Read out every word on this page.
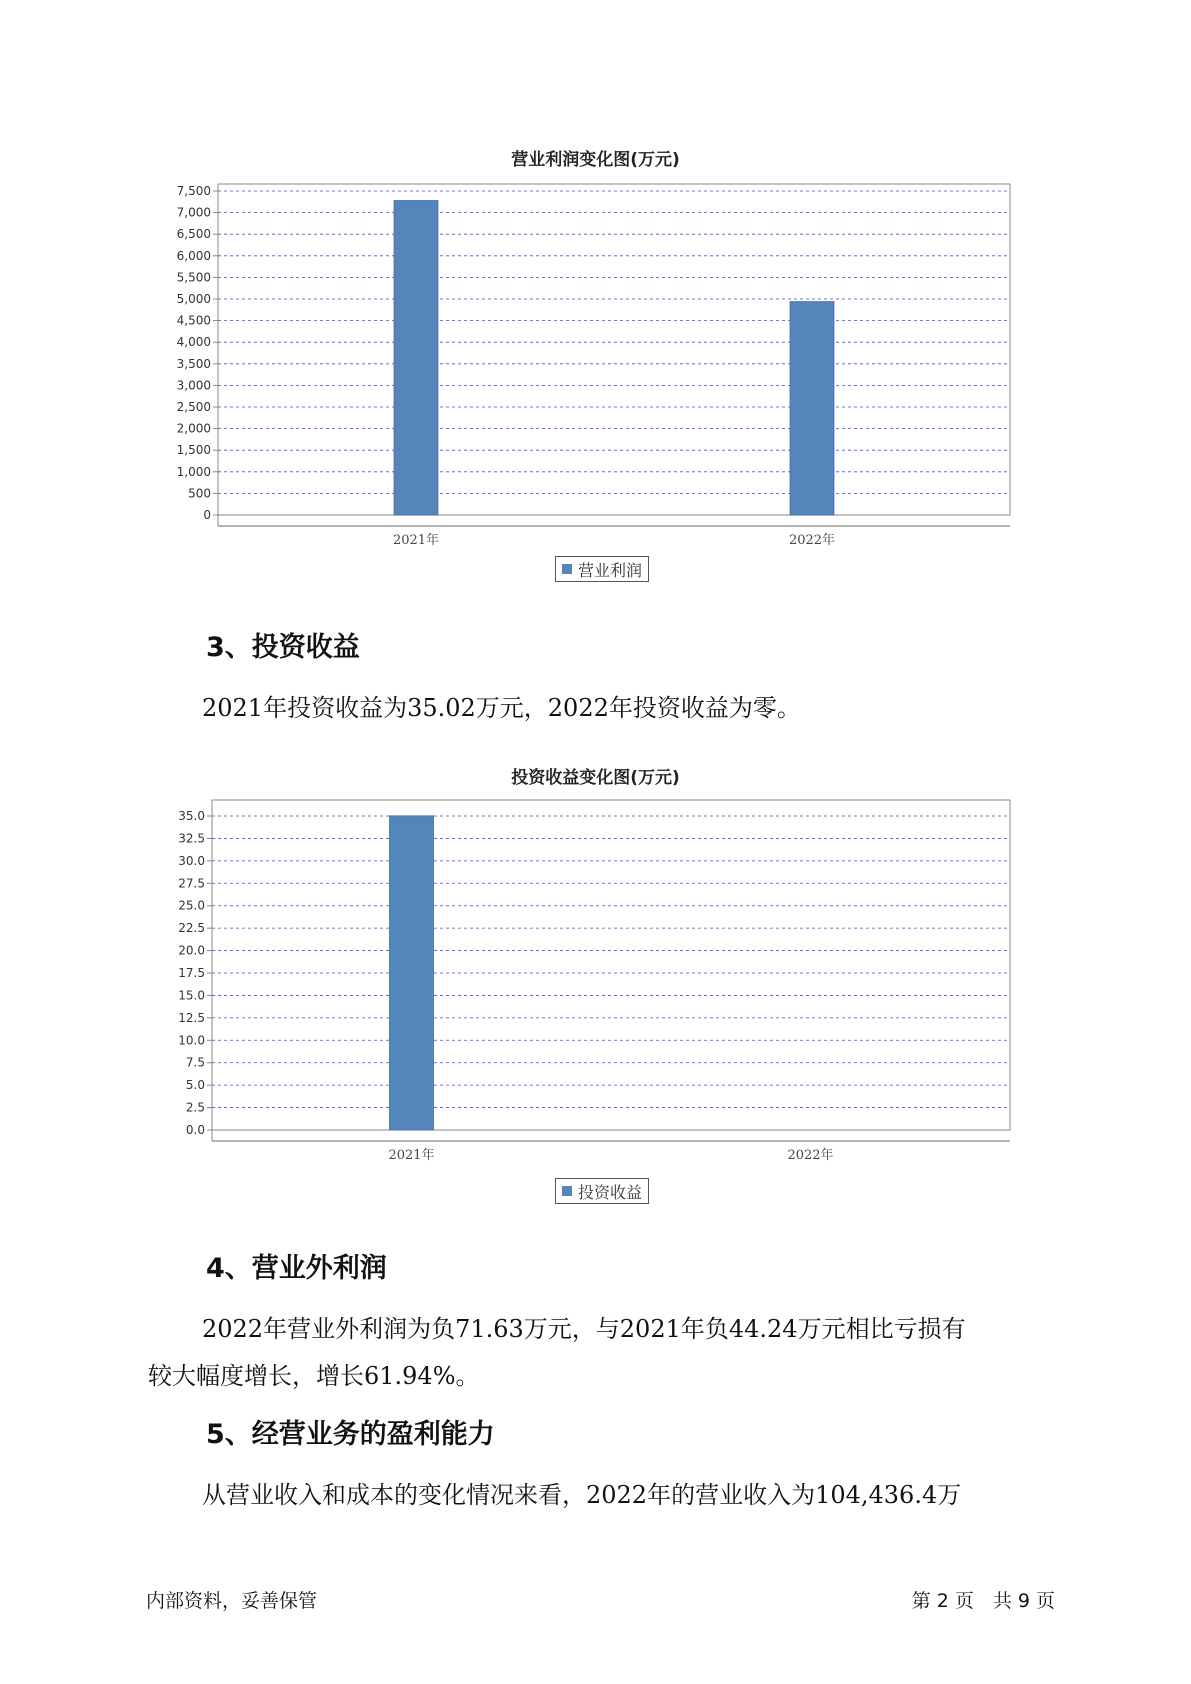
营业利润变化图(万元)
0
500
1,000
1,500
2,000
2,500
3,000
3,500
4,000
4,500
5,000
5,500
6,000
6,500
7,000
7,500
2021年	2022年
营业利润
3、投资收益
2021年投资收益为35.02万元，2022年投资收益为零。
投资收益变化图(万元)
0.0
2.5
5.0
7.5
10.0
12.5
15.0
17.5
20.0
22.5
25.0
27.5
30.0
32.5
35.0
2021年	2022年
投资收益
4、营业外利润
2022年营业外利润为负71.63万元，与2021年负44.24万元相比亏损有
较大幅度增长，增长61.94%。
5、经营业务的盈利能力
从营业收入和成本的变化情况来看，2022年的营业收入为104,436.4万
内部资料，妥善保管	第 2 页　共 9 页
